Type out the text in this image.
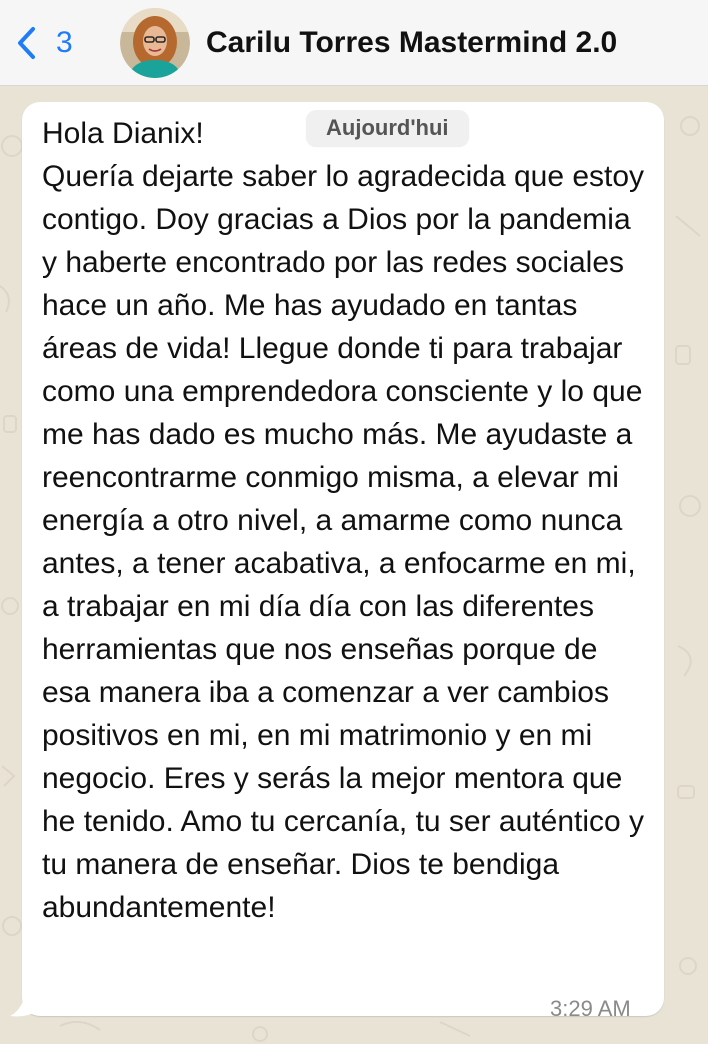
3	Carilu Torres Mastermind 2.0

Hola Dianix!
Quería dejarte saber lo agradecida que estoy contigo. Doy gracias a Dios por la pandemia y haberte encontrado por las redes sociales hace un año. Me has ayudado en tantas áreas de vida! Llegue donde ti para trabajar como una emprendedora consciente y lo que me has dado es mucho más. Me ayudaste a reencontrarme conmigo misma, a elevar mi energía a otro nivel, a amarme como nunca antes, a tener acabativa, a enfocarme en mi, a trabajar en mi día día con las diferentes herramientas que nos enseñas porque de esa manera iba a comenzar a ver cambios positivos en mi, en mi matrimonio y en mi negocio. Eres y serás la mejor mentora que he tenido. Amo tu cercanía, tu ser auténtico y tu manera de enseñar. Dios te bendiga abundantemente!

Aujourd'hui
3:29 AM
